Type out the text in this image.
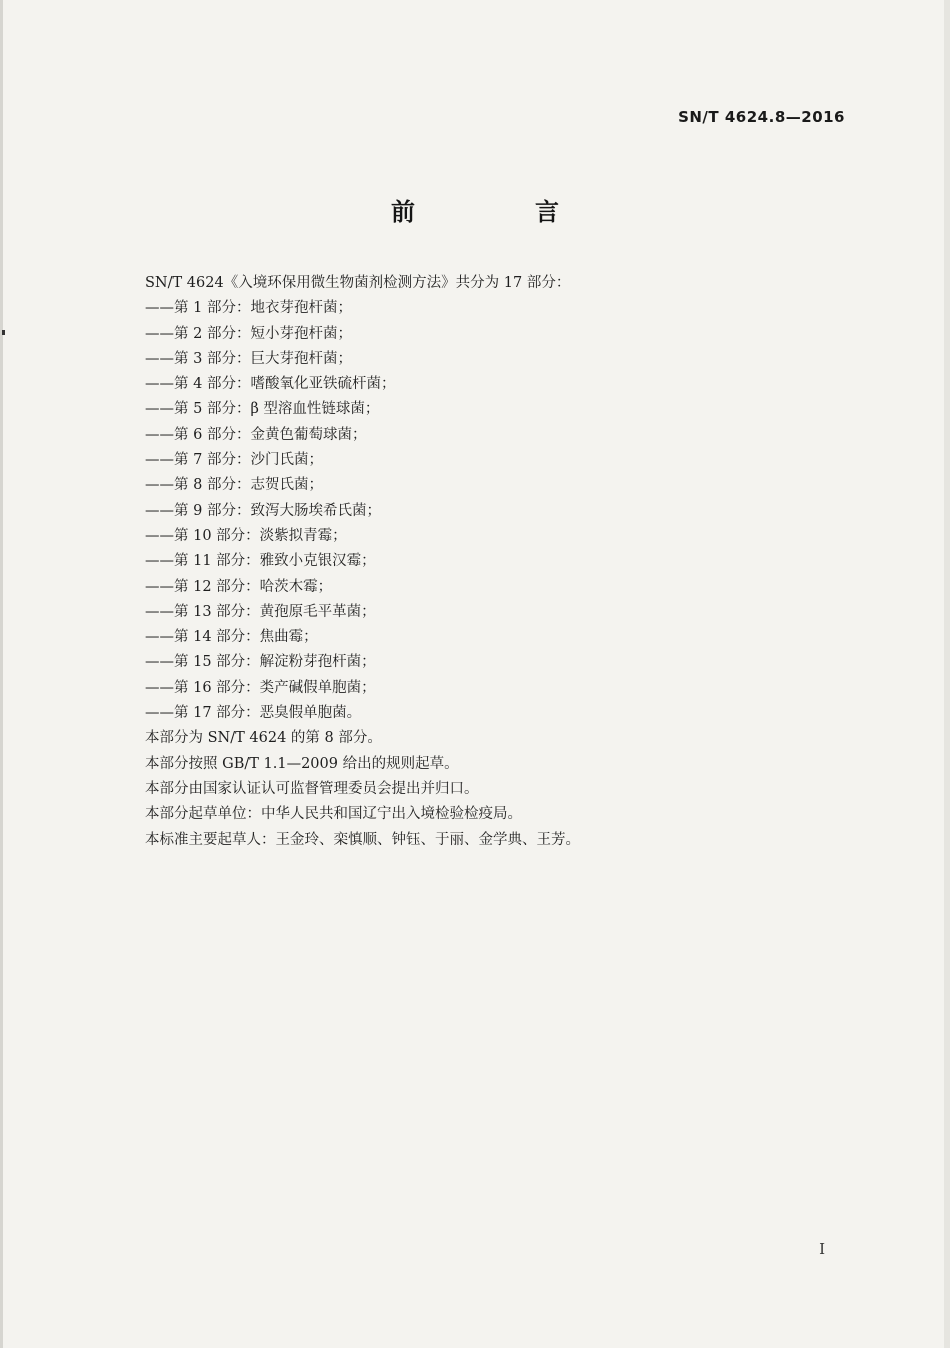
SN/T 4624.8—2016
前　言
SN/T 4624《入境环保用微生物菌剂检测方法》共分为 17 部分：
——第 1 部分：地衣芽孢杆菌；
——第 2 部分：短小芽孢杆菌；
——第 3 部分：巨大芽孢杆菌；
——第 4 部分：嗜酸氧化亚铁硫杆菌；
——第 5 部分：β 型溶血性链球菌；
——第 6 部分：金黄色葡萄球菌；
——第 7 部分：沙门氏菌；
——第 8 部分：志贺氏菌；
——第 9 部分：致泻大肠埃希氏菌；
——第 10 部分：淡紫拟青霉；
——第 11 部分：雅致小克银汉霉；
——第 12 部分：哈茨木霉；
——第 13 部分：黄孢原毛平革菌；
——第 14 部分：焦曲霉；
——第 15 部分：解淀粉芽孢杆菌；
——第 16 部分：类产碱假单胞菌；
——第 17 部分：恶臭假单胞菌。
本部分为 SN/T 4624 的第 8 部分。
本部分按照 GB/T 1.1—2009 给出的规则起草。
本部分由国家认证认可监督管理委员会提出并归口。
本部分起草单位：中华人民共和国辽宁出入境检验检疫局。
本标准主要起草人：王金玲、栾慎顺、钟钰、于丽、金学典、王芳。
I
